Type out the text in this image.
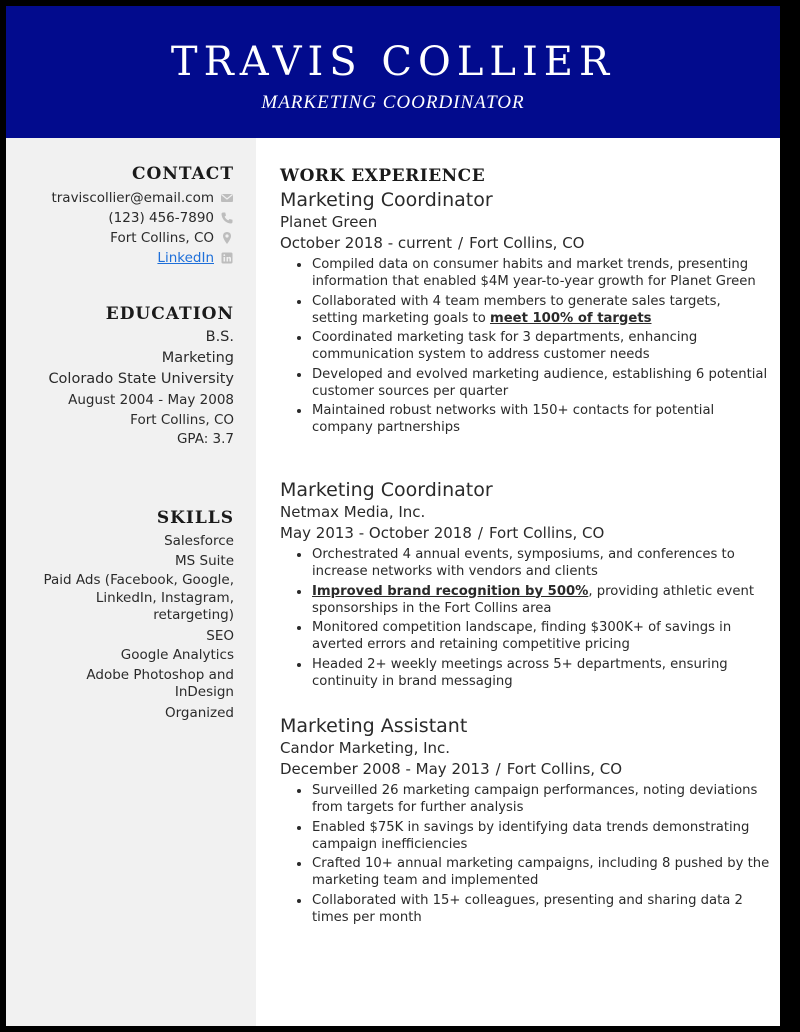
TRAVIS COLLIER
MARKETING COORDINATOR
CONTACT
traviscollier@email.com
(123) 456-7890
Fort Collins, CO
LinkedIn
EDUCATION
B.S.
Marketing
Colorado State University
August 2004 - May 2008
Fort Collins, CO
GPA: 3.7
SKILLS
Salesforce
MS Suite
Paid Ads (Facebook, Google, LinkedIn, Instagram, retargeting)
SEO
Google Analytics
Adobe Photoshop and InDesign
Organized
WORK EXPERIENCE
Marketing Coordinator
Planet Green
October 2018 - current / Fort Collins, CO
Compiled data on consumer habits and market trends, presenting information that enabled $4M year-to-year growth for Planet Green
Collaborated with 4 team members to generate sales targets, setting marketing goals to meet 100% of targets
Coordinated marketing task for 3 departments, enhancing communication system to address customer needs
Developed and evolved marketing audience, establishing 6 potential customer sources per quarter
Maintained robust networks with 150+ contacts for potential company partnerships
Marketing Coordinator
Netmax Media, Inc.
May 2013 - October 2018 / Fort Collins, CO
Orchestrated 4 annual events, symposiums, and conferences to increase networks with vendors and clients
Improved brand recognition by 500%, providing athletic event sponsorships in the Fort Collins area
Monitored competition landscape, finding $300K+ of savings in averted errors and retaining competitive pricing
Headed 2+ weekly meetings across 5+ departments, ensuring continuity in brand messaging
Marketing Assistant
Candor Marketing, Inc.
December 2008 - May 2013 / Fort Collins, CO
Surveilled 26 marketing campaign performances, noting deviations from targets for further analysis
Enabled $75K in savings by identifying data trends demonstrating campaign inefficiencies
Crafted 10+ annual marketing campaigns, including 8 pushed by the marketing team and implemented
Collaborated with 15+ colleagues, presenting and sharing data 2 times per month
